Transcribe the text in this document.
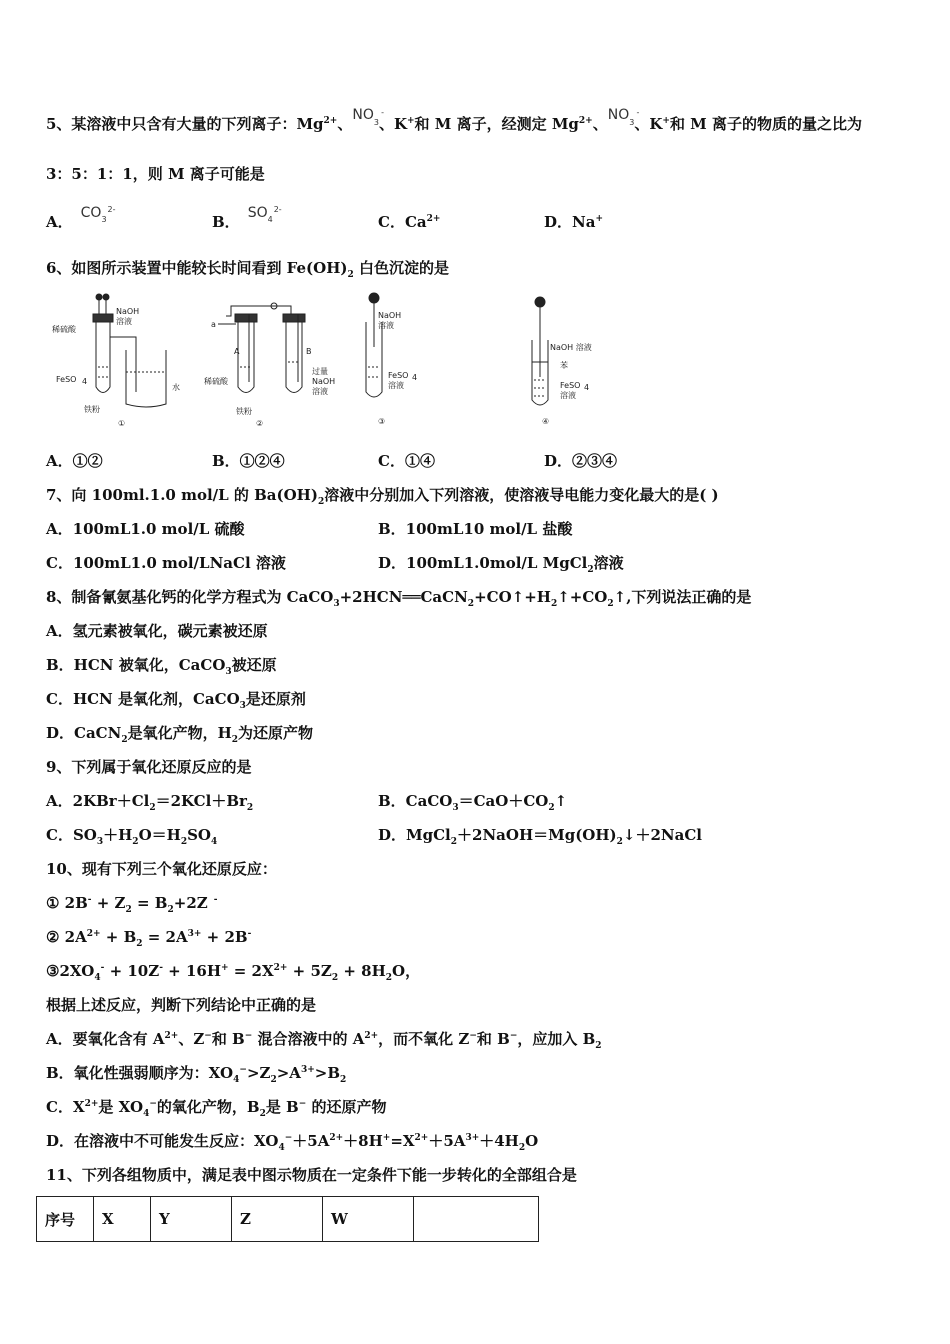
5、某溶液中只含有大量的下列离子：$Mg^{2+}$、NO -
$_3$、K+和 M 离子，经测定 $Mg^{2+}$、NO -
$_3$、K+和 M 离子的物质的量之比为
3：5：1：1，则 M 离子可能是
A． CO 2-
$_3$	B． SO 2-
$_4$	C．$Ca^{2+}$	D．Na+
6、如图所示装置中能较长时间看到 $Fe(OH)_2$ 白色沉淀的是
NaOH
溶液
稀硫酸
FeSO 4
铁粉
水
①
a
A	B
稀硫酸
铁粉
过量
NaOH
溶液
②
NaOH
溶液
FeSO 4
溶液
③
NaOH 溶液
苯
FeSO 4
溶液
④
A．①②	B．①②④	C．①④	D．②③④
7、向 100ml.1.0 mol/L 的 $Ba(OH)_2$溶液中分别加入下列溶液，使溶液导电能力变化最大的是( )
A．100mL1.0 mol/L 硫酸	B．100mL10 mol/L 盐酸
C．100mL1.0 mol/LNaCl 溶液	D．100mL1.0mol/L MgCl$_2$溶液
8、制备氰氨基化钙的化学方程式为 $CaCO_3+2HCN══CaCN_2+CO↑+H_2↑+CO_2↑$,下列说法正确的是
A．氢元素被氧化，碳元素被还原
B．HCN 被氧化，CaCO$_3$被还原
C．HCN 是氧化剂，CaCO$_3$是还原剂
D．CaCN$_2$是氧化产物，$H_2$为还原产物
9、下列属于氧化还原反应的是
A．$2KBr+Cl_2=2KCl+Br_2$	B．$CaCO_3=CaO+CO_2↑$
C．$SO_3+H_2O=H_2SO_4$	D．$MgCl_2+2NaOH=Mg(OH)_2↓+2NaCl$
10、现有下列三个氧化还原反应：
① $2B^- + Z_2 = B_2+2Z$ -
② $2A^{2+} + B_2 = 2A^{3+} + 2B^-$
$③2XO_4^- + 10Z^- + 16H^+ = 2X^{2+} + 5Z_2 + 8H_2O$，
根据上述反应，判断下列结论中正确的是
A．要氧化含有 $A^{2+}$、Z−和 B− 混合溶液中的 $A^{2+}$，而不氧化 Z−和 B−，应加入 $B_2$
B．氧化性强弱顺序为：$XO_4^->Z_2>A^{3+}>B_2$
C．$X^{2+}$是 $XO_4^-$的氧化产物，$B_2$是 B− 的还原产物
D．在溶液中不可能发生反应：$XO_4^-+5A^{2+}+8H^+=X^{2+}+5A^{3+}+4H_2O$
11、下列各组物质中，满足表中图示物质在一定条件下能一步转化的全部组合是
序号	X	Y	Z	W	
